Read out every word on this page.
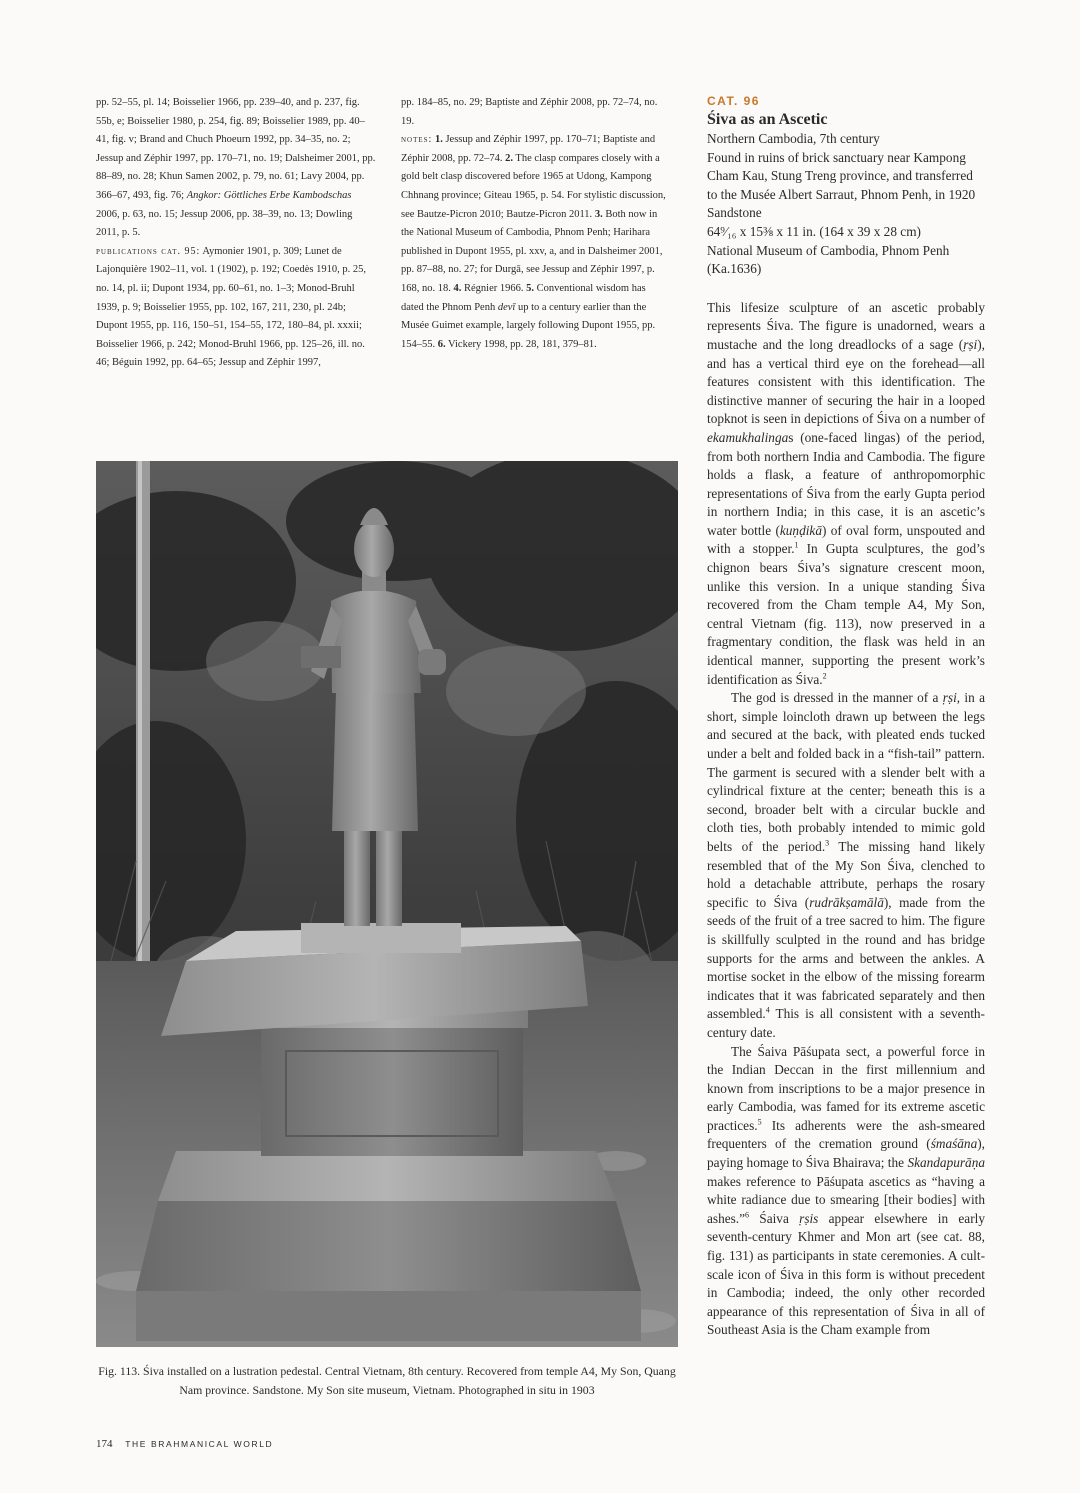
pp. 52–55, pl. 14; Boisselier 1966, pp. 239–40, and p. 237, fig. 55b, e; Boisselier 1980, p. 254, fig. 89; Boisselier 1989, pp. 40–41, fig. v; Brand and Chuch Phoeurn 1992, pp. 34–35, no. 2; Jessup and Zéphir 1997, pp. 170–71, no. 19; Dalsheimer 2001, pp. 88–89, no. 28; Khun Samen 2002, p. 79, no. 61; Lavy 2004, pp. 366–67, 493, fig. 76; Angkor: Göttliches Erbe Kambodschas 2006, p. 63, no. 15; Jessup 2006, pp. 38–39, no. 13; Dowling 2011, p. 5.
publications cat. 95: Aymonier 1901, p. 309; Lunet de Lajonquière 1902–11, vol. 1 (1902), p. 192; Coedès 1910, p. 25, no. 14, pl. ii; Dupont 1934, pp. 60–61, no. 1–3; Monod-Bruhl 1939, p. 9; Boisselier 1955, pp. 102, 167, 211, 230, pl. 24b; Dupont 1955, pp. 116, 150–51, 154–55, 172, 180–84, pl. xxxii; Boisselier 1966, p. 242; Monod-Bruhl 1966, pp. 125–26, ill. no. 46; Béguin 1992, pp. 64–65; Jessup and Zéphir 1997,
pp. 184–85, no. 29; Baptiste and Zéphir 2008, pp. 72–74, no. 19.
notes: 1. Jessup and Zéphir 1997, pp. 170–71; Baptiste and Zéphir 2008, pp. 72–74. 2. The clasp compares closely with a gold belt clasp discovered before 1965 at Udong, Kampong Chhnang province; Giteau 1965, p. 54. For stylistic discussion, see Bautze-Picron 2010; Bautze-Picron 2011. 3. Both now in the National Museum of Cambodia, Phnom Penh; Harihara published in Dupont 1955, pl. xxv, a, and in Dalsheimer 2001, pp. 87–88, no. 27; for Durgā, see Jessup and Zéphir 1997, p. 168, no. 18. 4. Régnier 1966. 5. Conventional wisdom has dated the Phnom Penh devī up to a century earlier than the Musée Guimet example, largely following Dupont 1955, pp. 154–55. 6. Vickery 1998, pp. 28, 181, 379–81.
CAT. 96
Śiva as an Ascetic
Northern Cambodia, 7th century
Found in ruins of brick sanctuary near Kampong Cham Kau, Stung Treng province, and transferred to the Musée Albert Sarraut, Phnom Penh, in 1920
Sandstone
64⁹⁄₁₆ x 15⅜ x 11 in. (164 x 39 x 28 cm)
National Museum of Cambodia, Phnom Penh (Ka.1636)

This lifesize sculpture of an ascetic probably represents Śiva. The figure is unadorned, wears a mustache and the long dreadlocks of a sage (ṛṣi), and has a vertical third eye on the forehead—all features consistent with this identification. The distinctive manner of securing the hair in a looped topknot is seen in depictions of Śiva on a number of ekamukhalingas (one-faced lingas) of the period, from both northern India and Cambodia. The figure holds a flask, a feature of anthropomorphic representations of Śiva from the early Gupta period in northern India; in this case, it is an ascetic’s water bottle (kuṇḍikā) of oval form, unspouted and with a stopper.$^1$ In Gupta sculptures, the god’s chignon bears Śiva’s signature crescent moon, unlike this version. In a unique standing Śiva recovered from the Cham temple A4, My Son, central Vietnam (fig. 113), now preserved in a fragmentary condition, the flask was held in an identical manner, supporting the present work’s identification as Śiva.$^2$

The god is dressed in the manner of a ṛṣi, in a short, simple loincloth drawn up between the legs and secured at the back, with pleated ends tucked under a belt and folded back in a “fish-tail” pattern. The garment is secured with a slender belt with a cylindrical fixture at the center; beneath this is a second, broader belt with a circular buckle and cloth ties, both probably intended to mimic gold belts of the period.$^3$ The missing hand likely resembled that of the My Son Śiva, clenched to hold a detachable attribute, perhaps the rosary specific to Śiva (rudrākṣamālā), made from the seeds of the fruit of a tree sacred to him. The figure is skillfully sculpted in the round and has bridge supports for the arms and between the ankles. A mortise socket in the elbow of the missing forearm indicates that it was fabricated separately and then assembled.$^4$ This is all consistent with a seventh-century date.

The Śaiva Pāśupata sect, a powerful force in the Indian Deccan in the first millennium and known from inscriptions to be a major presence in early Cambodia, was famed for its extreme ascetic practices.$^5$ Its adherents were the ash-smeared frequenters of the cremation ground (śmaśāna), paying homage to Śiva Bhairava; the Skandapurāṇa makes reference to Pāśupata ascetics as “having a white radiance due to smearing [their bodies] with ashes.”$^6$ Śaiva ṛṣis appear elsewhere in early seventh-century Khmer and Mon art (see cat. 88, fig. 131) as participants in state ceremonies. A cult-scale icon of Śiva in this form is without precedent in Cambodia; indeed, the only other recorded appearance of this representation of Śiva in all of Southeast Asia is the Cham example from

Fig. 113. Śiva installed on a lustration pedestal. Central Vietnam, 8th century. Recovered from temple A4, My Son, Quang Nam province. Sandstone. My Son site museum, Vietnam. Photographed in situ in 1903
174 THE BRAHMANICAL WORLD
